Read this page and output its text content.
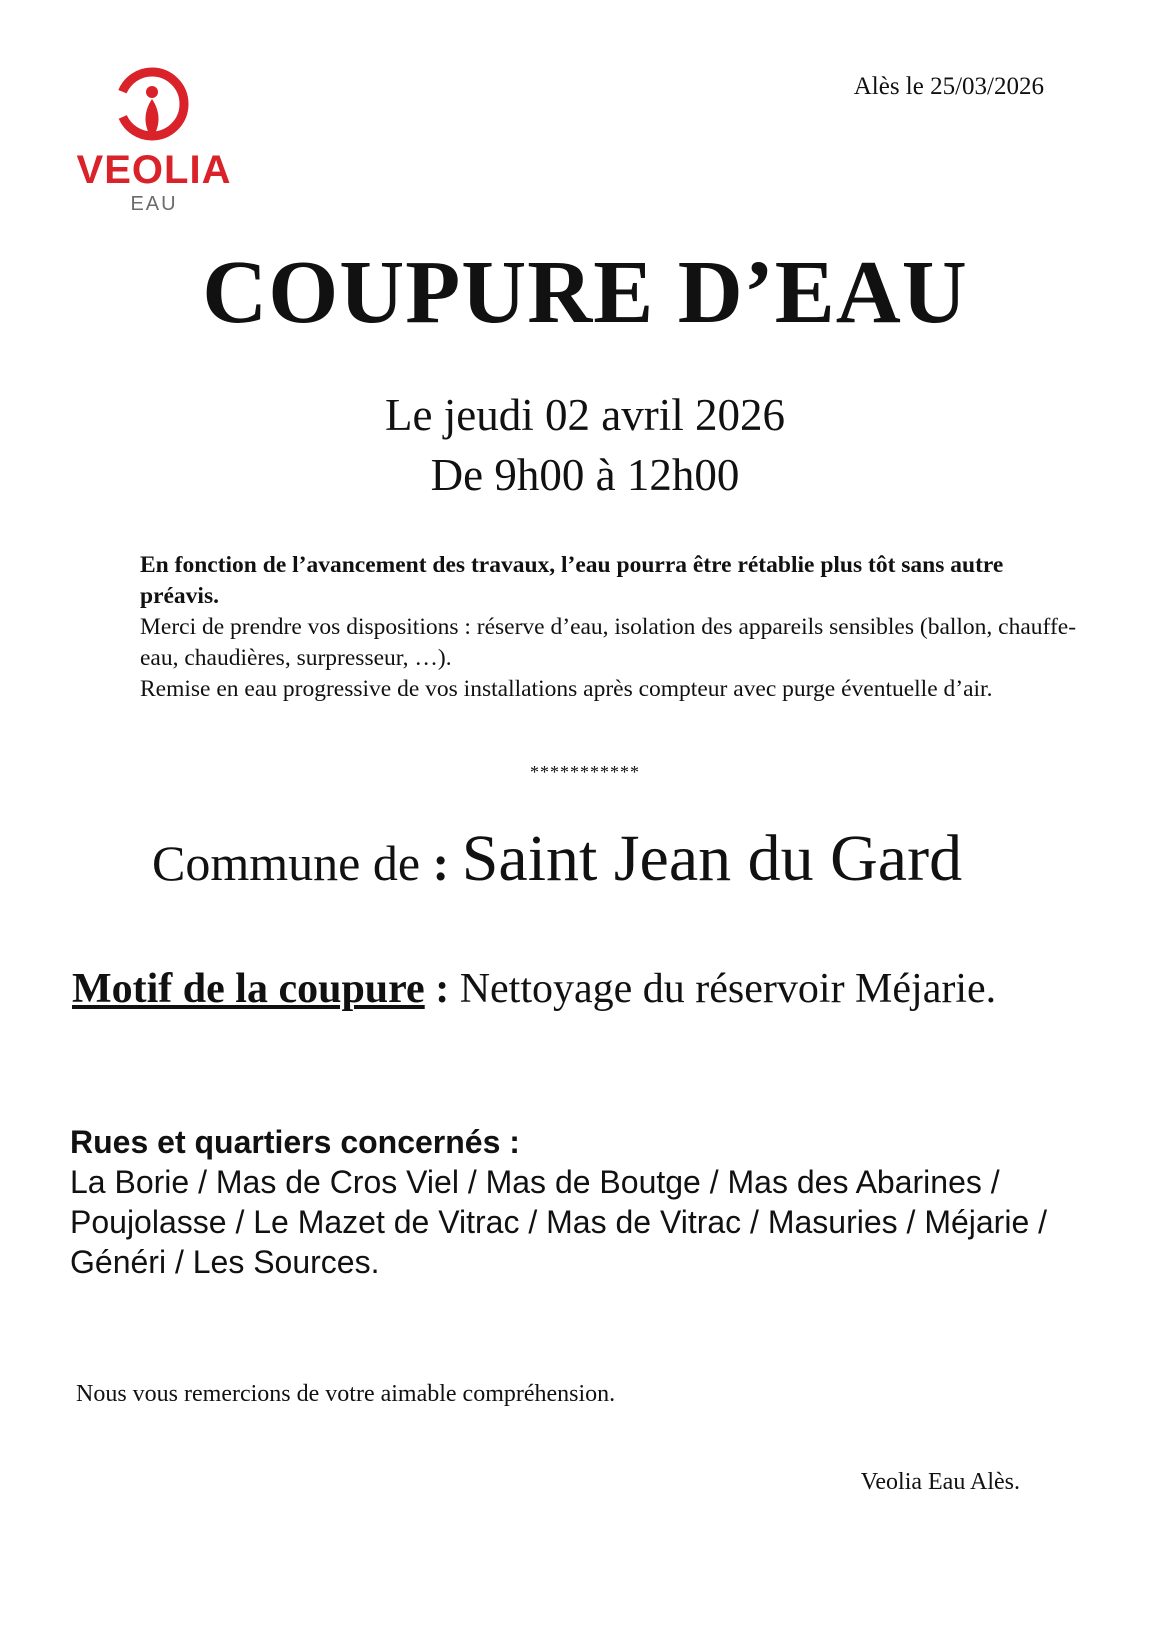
VEOLIA
EAU
Alès le 25/03/2026
COUPURE D’EAU
Le jeudi 02 avril 2026
De 9h00 à 12h00

En fonction de l’avancement des travaux, l’eau pourra être rétablie plus tôt sans autre préavis.

Merci de prendre vos dispositions : réserve d’eau, isolation des appareils sensibles (ballon, chauffe-eau, chaudières, surpresseur, …).

Remise en eau progressive de vos installations après compteur avec purge éventuelle d’air.

***********
Commune de : Saint Jean du Gard
Motif de la coupure : Nettoyage du réservoir Méjarie.
Rues et quartiers concernés :
La Borie / Mas de Cros Viel / Mas de Boutge / Mas des Abarines / Poujolasse / Le Mazet de Vitrac / Mas de Vitrac / Masuries / Méjarie / Généri / Les Sources.
Nous vous remercions de votre aimable compréhension.
Veolia Eau Alès.
